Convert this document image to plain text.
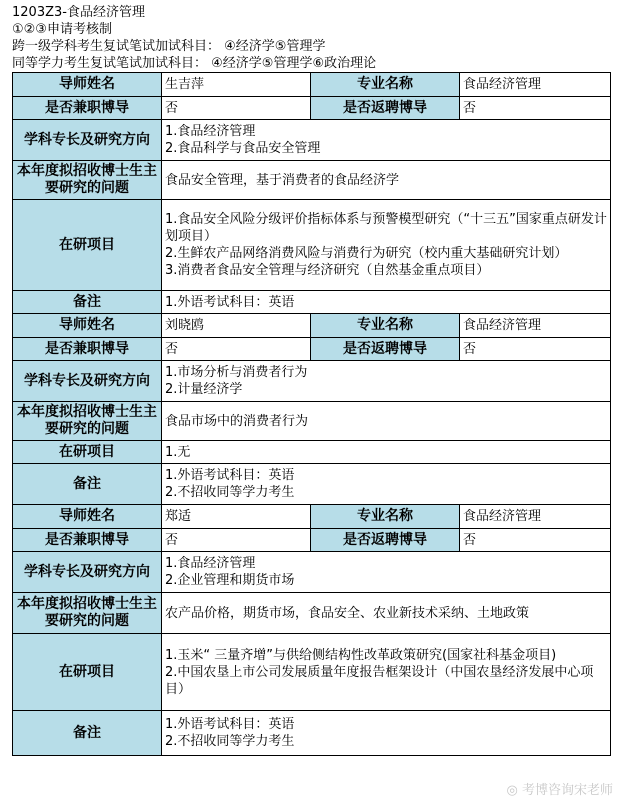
1203Z3-食品经济管理
①②③申请考核制
跨一级学科考生复试笔试加试科目： ④经济学⑤管理学
同等学力考生复试笔试加试科目： ④经济学⑤管理学⑥政治理论
导师姓名	生吉萍	专业名称	食品经济管理
是否兼职博导	否	是否返聘博导	否
学科专长及研究方向	1.食品经济管理
2.食品科学与食品安全管理		

本年度拟招收博士生主要研究的问题	食品安全管理，基于消费者的食品经济学		
在研项目	1.食品安全风险分级评价指标体系与预警模型研究（“十三五”国家重点研发计划项目）
2.生鲜农产品网络消费风险与消费行为研究（校内重大基础研究计划）
3.消费者食品安全管理与经济研究（自然基金重点项目）		

备注	1.外语考试科目：英语		
导师姓名	刘晓鸥	专业名称	食品经济管理
是否兼职博导	否	是否返聘博导	否
学科专长及研究方向	1.市场分析与消费者行为
2.计量经济学		

本年度拟招收博士生主要研究的问题	食品市场中的消费者行为		
在研项目	1.无		

备注	1.外语考试科目：英语
2.不招收同等学力考生		
导师姓名	郑适	专业名称	食品经济管理
是否兼职博导	否	是否返聘博导	否
学科专长及研究方向	1.食品经济管理
2.企业管理和期货市场		

本年度拟招收博士生主要研究的问题	农产品价格，期货市场，食品安全、农业新技术采纳、土地政策		
在研项目	1.玉米“ 三量齐增”与供给侧结构性改革政策研究(国家社科基金项目)
2.中国农垦上市公司发展质量年度报告框架设计（中国农垦经济发展中心项目）		

备注	1.外语考试科目：英语
2.不招收同等学力考生		
◎ 考博咨询宋老师
